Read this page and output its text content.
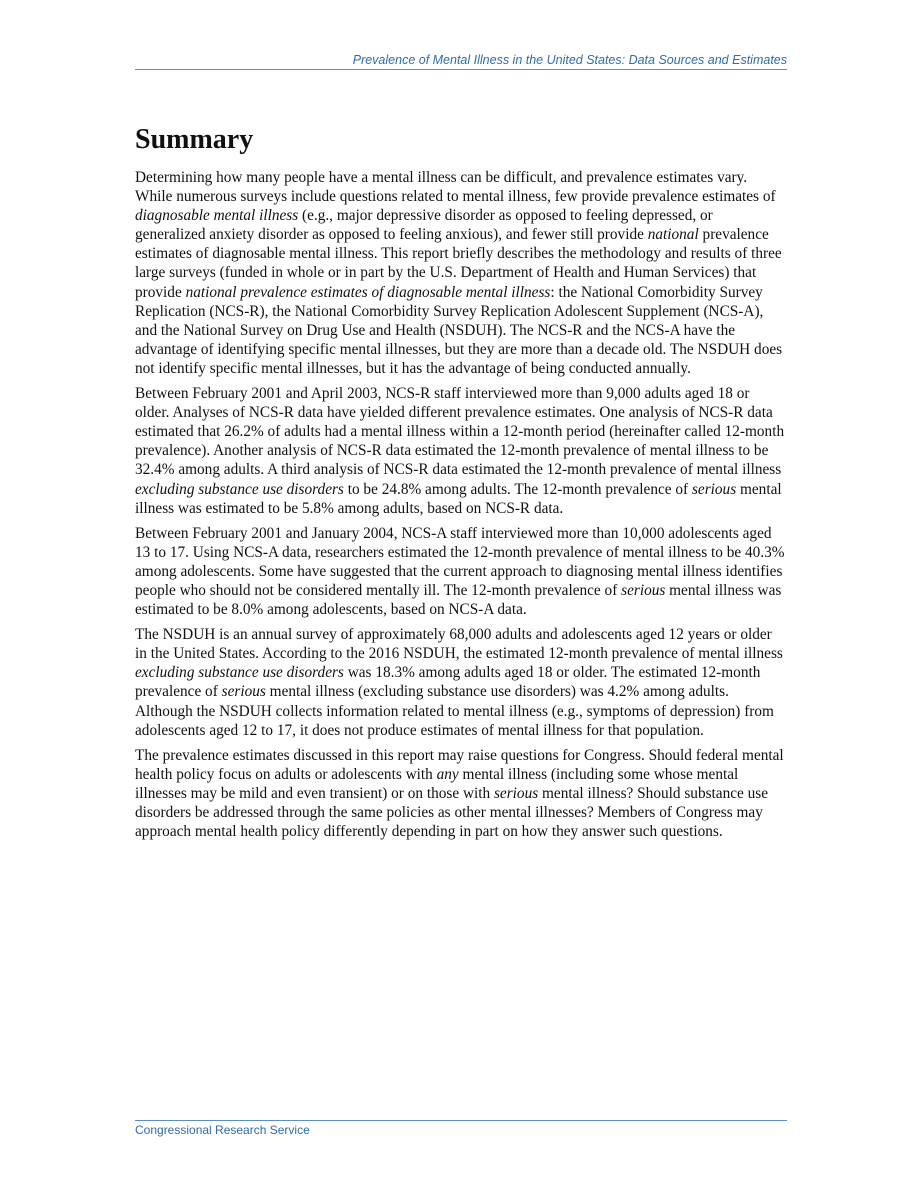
Prevalence of Mental Illness in the United States: Data Sources and Estimates
Summary

Determining how many people have a mental illness can be difficult, and prevalence estimates vary. While numerous surveys include questions related to mental illness, few provide prevalence estimates of diagnosable mental illness (e.g., major depressive disorder as opposed to feeling depressed, or generalized anxiety disorder as opposed to feeling anxious), and fewer still provide national prevalence estimates of diagnosable mental illness. This report briefly describes the methodology and results of three large surveys (funded in whole or in part by the U.S. Department of Health and Human Services) that provide national prevalence estimates of diagnosable mental illness: the National Comorbidity Survey Replication (NCS-R), the National Comorbidity Survey Replication Adolescent Supplement (NCS-A), and the National Survey on Drug Use and Health (NSDUH). The NCS-R and the NCS-A have the advantage of identifying specific mental illnesses, but they are more than a decade old. The NSDUH does not identify specific mental illnesses, but it has the advantage of being conducted annually.

Between February 2001 and April 2003, NCS-R staff interviewed more than 9,000 adults aged 18 or older. Analyses of NCS-R data have yielded different prevalence estimates. One analysis of NCS-R data estimated that 26.2% of adults had a mental illness within a 12-month period (hereinafter called 12-month prevalence). Another analysis of NCS-R data estimated the 12-month prevalence of mental illness to be 32.4% among adults. A third analysis of NCS-R data estimated the 12-month prevalence of mental illness excluding substance use disorders to be 24.8% among adults. The 12-month prevalence of serious mental illness was estimated to be 5.8% among adults, based on NCS-R data.

Between February 2001 and January 2004, NCS-A staff interviewed more than 10,000 adolescents aged 13 to 17. Using NCS-A data, researchers estimated the 12-month prevalence of mental illness to be 40.3% among adolescents. Some have suggested that the current approach to diagnosing mental illness identifies people who should not be considered mentally ill. The 12-month prevalence of serious mental illness was estimated to be 8.0% among adolescents, based on NCS-A data.

The NSDUH is an annual survey of approximately 68,000 adults and adolescents aged 12 years or older in the United States. According to the 2016 NSDUH, the estimated 12-month prevalence of mental illness excluding substance use disorders was 18.3% among adults aged 18 or older. The estimated 12-month prevalence of serious mental illness (excluding substance use disorders) was 4.2% among adults. Although the NSDUH collects information related to mental illness (e.g., symptoms of depression) from adolescents aged 12 to 17, it does not produce estimates of mental illness for that population.

The prevalence estimates discussed in this report may raise questions for Congress. Should federal mental health policy focus on adults or adolescents with any mental illness (including some whose mental illnesses may be mild and even transient) or on those with serious mental illness? Should substance use disorders be addressed through the same policies as other mental illnesses? Members of Congress may approach mental health policy differently depending in part on how they answer such questions.

Congressional Research Service
